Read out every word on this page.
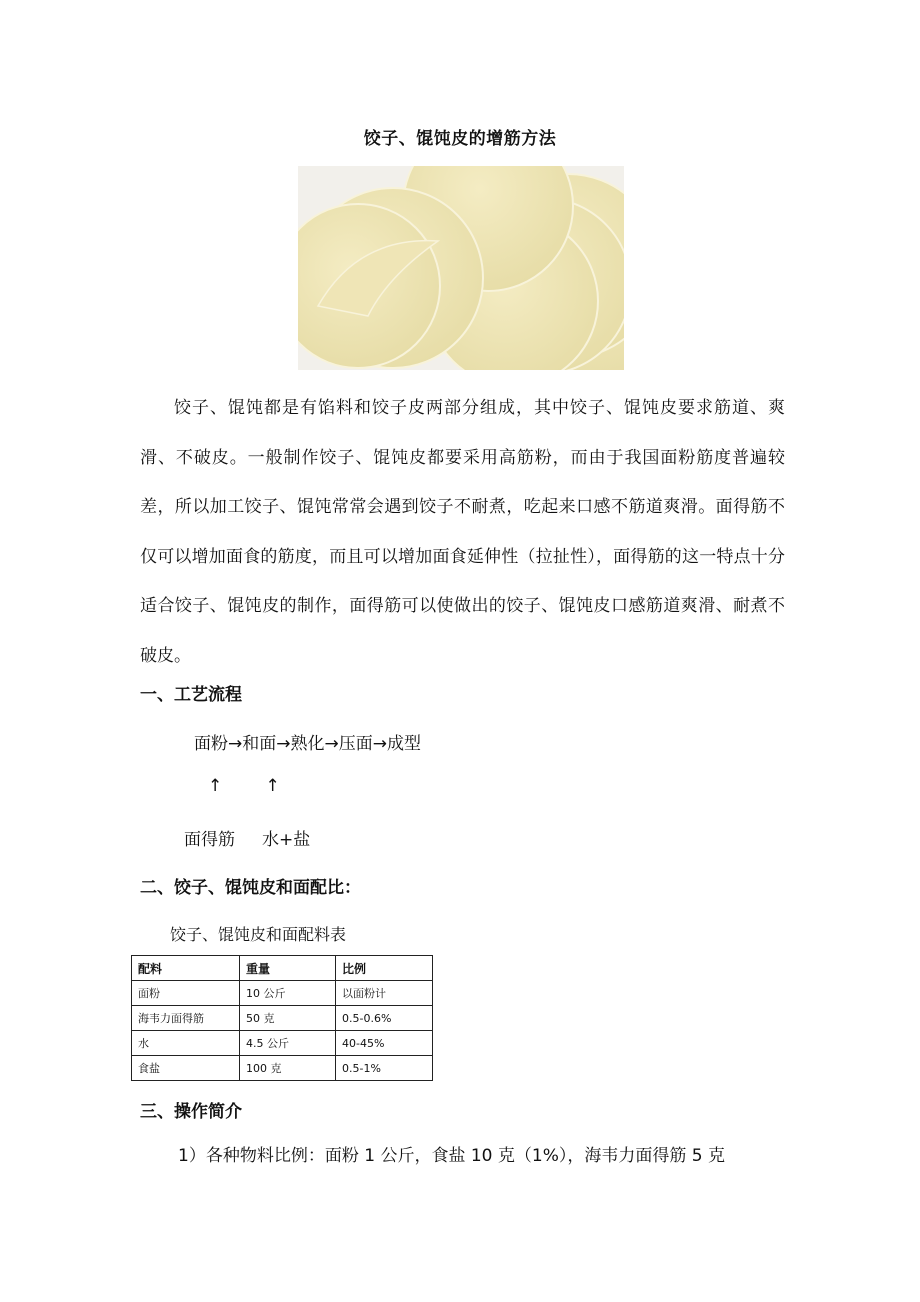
饺子、馄饨皮的增筋方法

饺子、馄饨都是有馅料和饺子皮两部分组成，其中饺子、馄饨皮要求筋道、爽滑、不破皮。一般制作饺子、馄饨皮都要采用高筋粉，而由于我国面粉筋度普遍较差，所以加工饺子、馄饨常常会遇到饺子不耐煮，吃起来口感不筋道爽滑。面得筋不仅可以增加面食的筋度，而且可以增加面食延伸性（拉扯性），面得筋的这一特点十分适合饺子、馄饨皮的制作，面得筋可以使做出的饺子、馄饨皮口感筋道爽滑、耐煮不破皮。

一、工艺流程
面粉→和面→熟化→压面→成型
↑        ↑
面得筋     水+盐
二、饺子、馄饨皮和面配比：
饺子、馄饨皮和面配料表
配料	重量	比例
面粉	10 公斤	以面粉计
海韦力面得筋	50 克	0.5-0.6%
水	4.5 公斤	40-45%
食盐	100 克	0.5-1%
三、操作简介
1）各种物料比例：面粉 1 公斤，食盐 10 克（1%），海韦力面得筋 5 克
